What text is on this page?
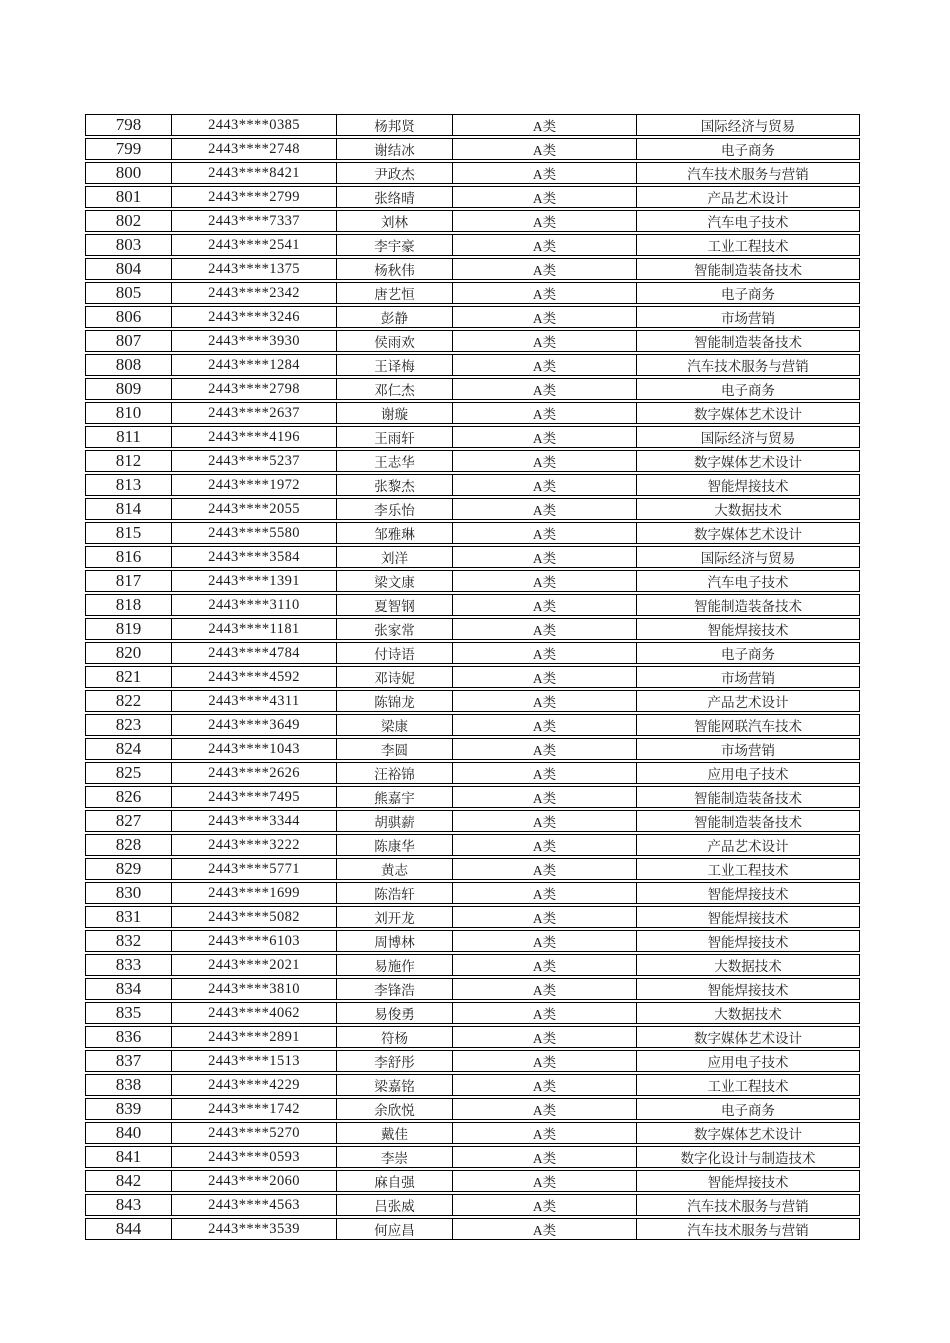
798	2443****0385	杨邦贤	A类	国际经济与贸易
799	2443****2748	谢结冰	A类	电子商务
800	2443****8421	尹政杰	A类	汽车技术服务与营销
801	2443****2799	张络晴	A类	产品艺术设计
802	2443****7337	刘林	A类	汽车电子技术
803	2443****2541	李宇豪	A类	工业工程技术
804	2443****1375	杨秋伟	A类	智能制造装备技术
805	2443****2342	唐艺恒	A类	电子商务
806	2443****3246	彭静	A类	市场营销
807	2443****3930	侯雨欢	A类	智能制造装备技术
808	2443****1284	王译梅	A类	汽车技术服务与营销
809	2443****2798	邓仁杰	A类	电子商务
810	2443****2637	谢璇	A类	数字媒体艺术设计
811	2443****4196	王雨轩	A类	国际经济与贸易
812	2443****5237	王志华	A类	数字媒体艺术设计
813	2443****1972	张黎杰	A类	智能焊接技术
814	2443****2055	李乐怡	A类	大数据技术
815	2443****5580	邹雅琳	A类	数字媒体艺术设计
816	2443****3584	刘洋	A类	国际经济与贸易
817	2443****1391	梁文康	A类	汽车电子技术
818	2443****3110	夏智钢	A类	智能制造装备技术
819	2443****1181	张家常	A类	智能焊接技术
820	2443****4784	付诗语	A类	电子商务
821	2443****4592	邓诗妮	A类	市场营销
822	2443****4311	陈锦龙	A类	产品艺术设计
823	2443****3649	梁康	A类	智能网联汽车技术
824	2443****1043	李圆	A类	市场营销
825	2443****2626	汪裕锦	A类	应用电子技术
826	2443****7495	熊嘉宇	A类	智能制造装备技术
827	2443****3344	胡骐薪	A类	智能制造装备技术
828	2443****3222	陈康华	A类	产品艺术设计
829	2443****5771	黄志	A类	工业工程技术
830	2443****1699	陈浩轩	A类	智能焊接技术
831	2443****5082	刘开龙	A类	智能焊接技术
832	2443****6103	周博林	A类	智能焊接技术
833	2443****2021	易施作	A类	大数据技术
834	2443****3810	李锋浩	A类	智能焊接技术
835	2443****4062	易俊勇	A类	大数据技术
836	2443****2891	符杨	A类	数字媒体艺术设计
837	2443****1513	李舒彤	A类	应用电子技术
838	2443****4229	梁嘉铭	A类	工业工程技术
839	2443****1742	余欣悦	A类	电子商务
840	2443****5270	戴佳	A类	数字媒体艺术设计
841	2443****0593	李崇	A类	数字化设计与制造技术
842	2443****2060	麻自强	A类	智能焊接技术
843	2443****4563	吕张威	A类	汽车技术服务与营销
844	2443****3539	何应昌	A类	汽车技术服务与营销
